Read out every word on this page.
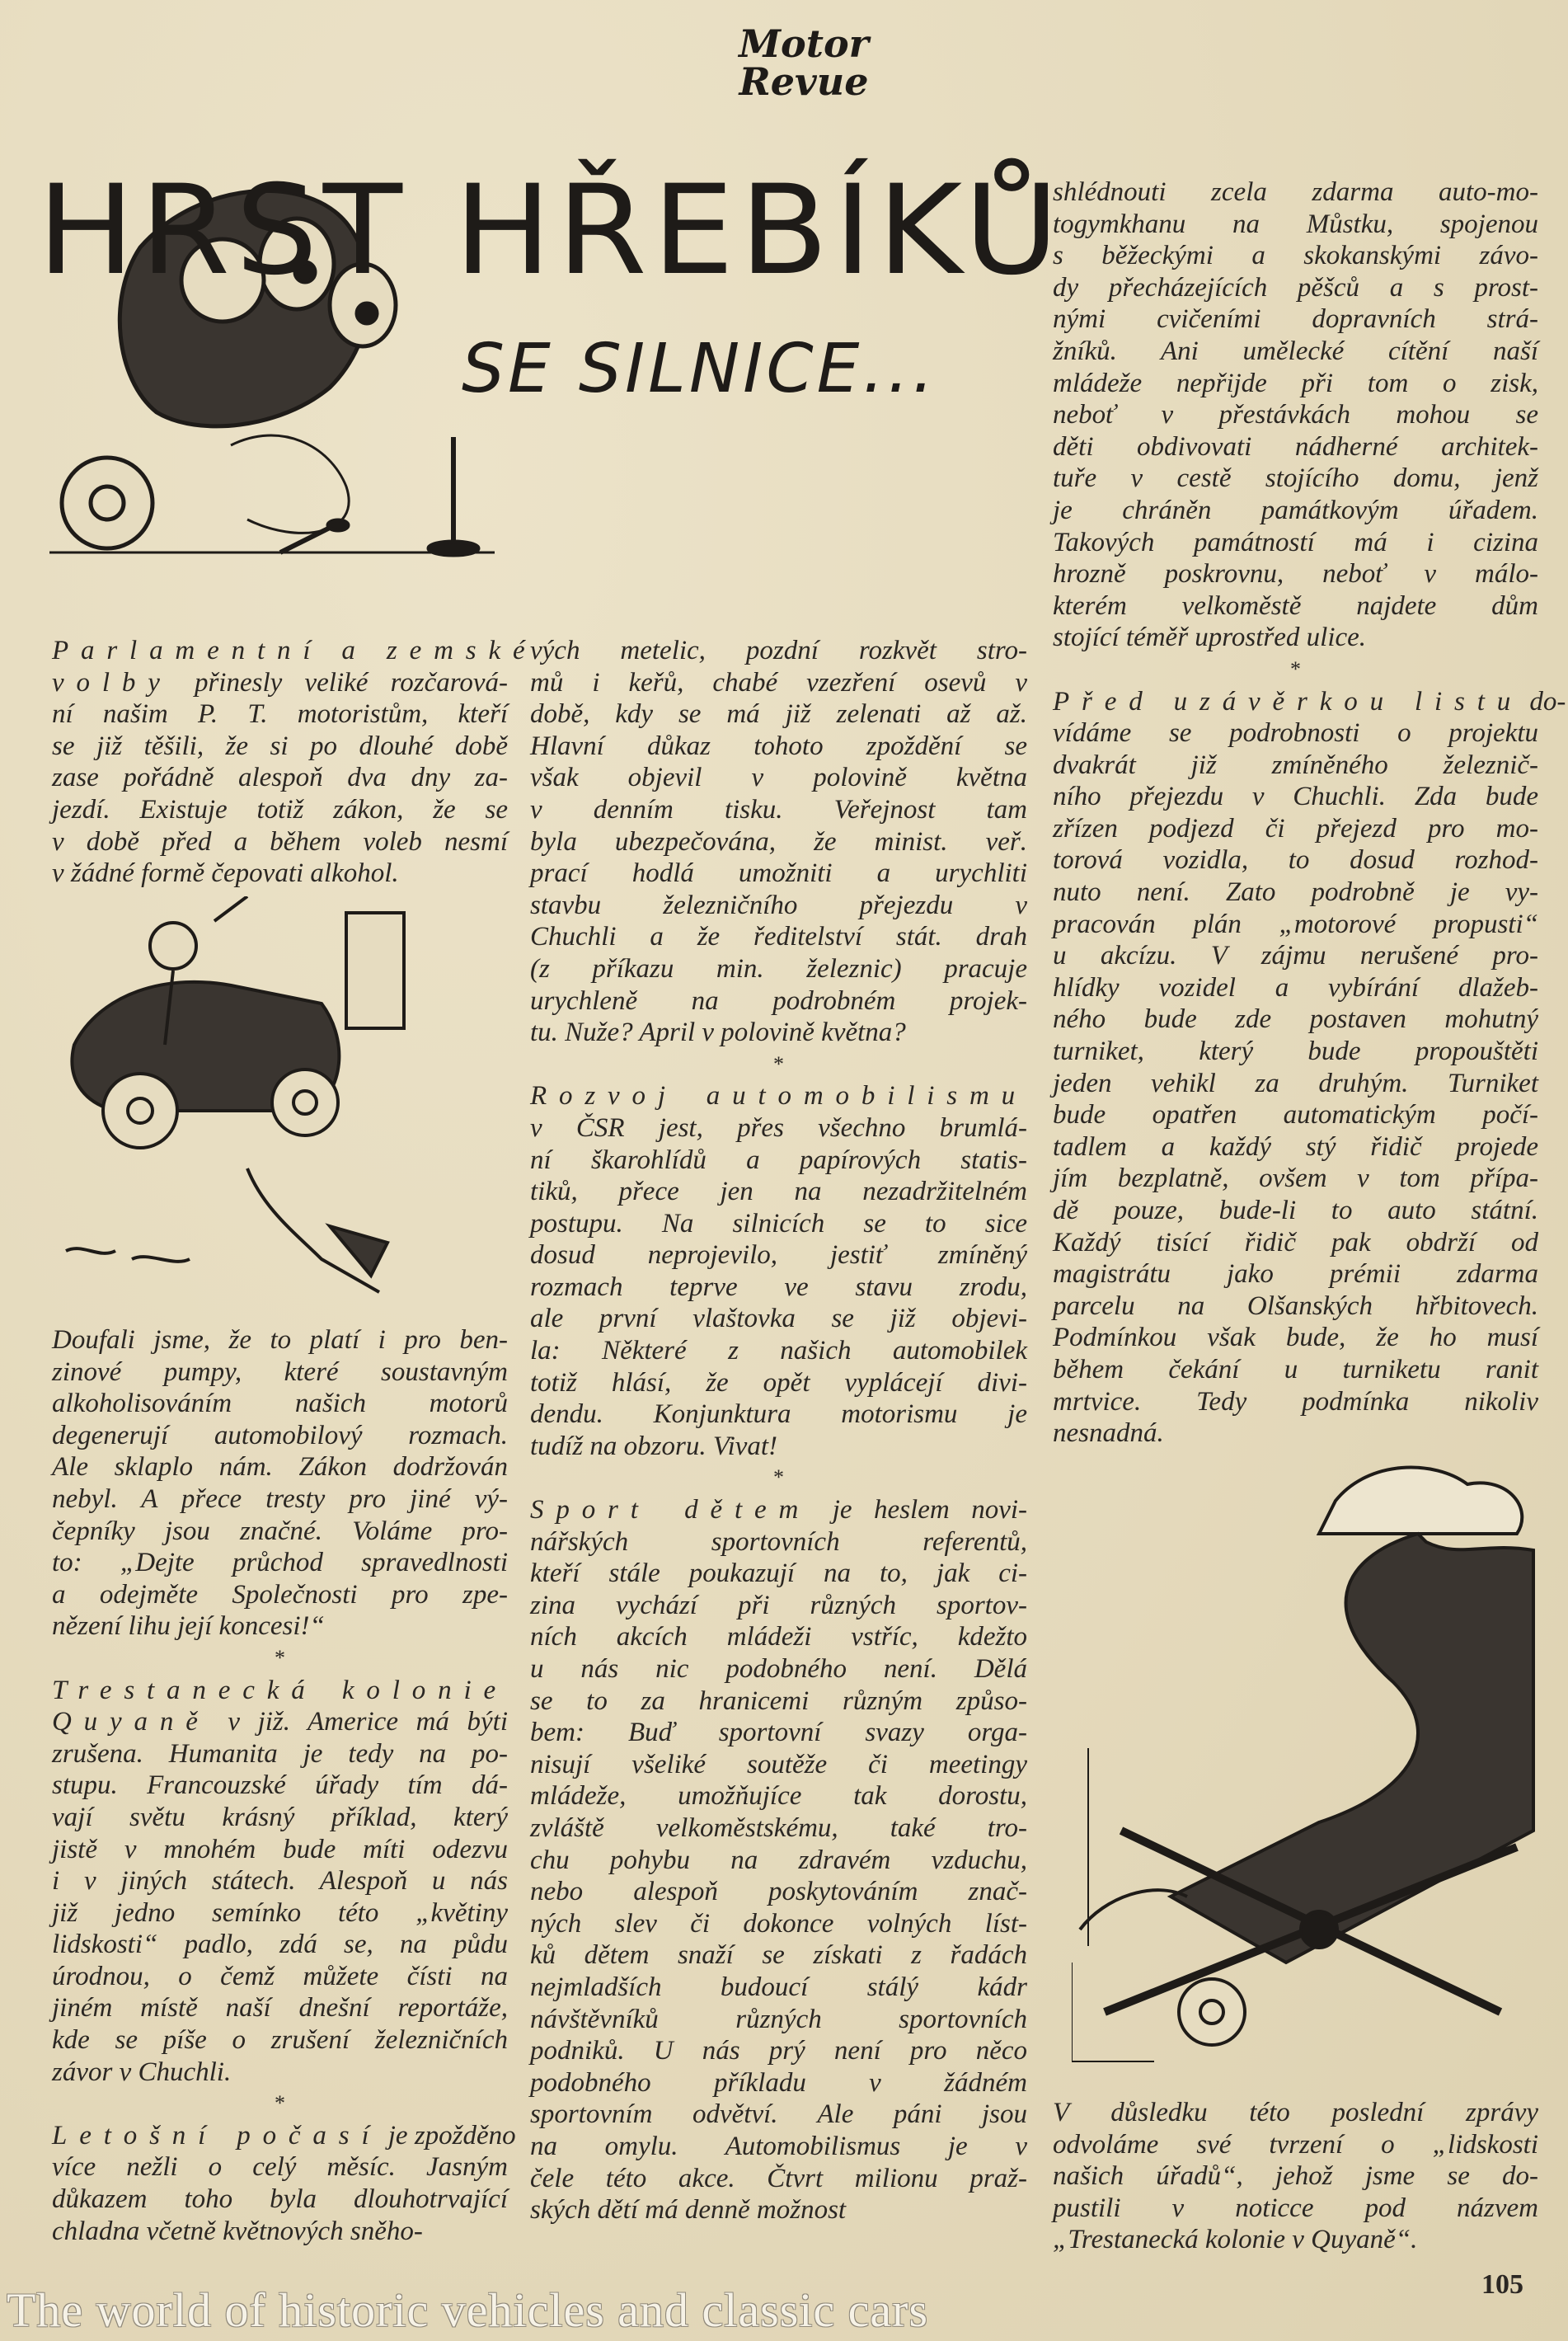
Motor
Revue
HRST HŘEBÍKŮ
SE SILNICE...
Parlamentní a zemské
volby přinesly veliké rozčarová-
ní našim P. T. motoristům, kteří
se již těšili, že si po dlouhé době
zase pořádně alespoň dva dny za-
jezdí. Existuje totiž zákon, že se
v době před a během voleb nesmí
v žádné formě čepovati alkohol.
Doufali jsme, že to platí i pro ben-
zinové pumpy, které soustavným
alkoholisováním našich motorů
degenerují automobilový rozmach.
Ale sklaplo nám. Zákon dodržován
nebyl. A přece tresty pro jiné vý-
čepníky jsou značné. Voláme pro-
to: „Dejte průchod spravedlnosti
a odejměte Společnosti pro zpe-
nězení lihu její koncesi!“
*
Trestanecká kolonie
Quyaně v již. Americe má býti
zrušena. Humanita je tedy na po-
stupu. Francouzské úřady tím dá-
vají světu krásný příklad, který
jistě v mnohém bude míti odezvu
i v jiných státech. Alespoň u nás
již jedno semínko této „květiny
lidskosti“ padlo, zdá se, na půdu
úrodnou, o čemž můžete čísti na
jiném místě naší dnešní reportáže,
kde se píše o zrušení železničních
závor v Chuchli.
*
Letošní počasí je zpožděno
více nežli o celý měsíc. Jasným
důkazem toho byla dlouhotrvající
chladna včetně květnových sněho-
vých metelic, pozdní rozkvět stro-
mů i keřů, chabé vzezření osevů v
době, kdy se má již zelenati až až.
Hlavní důkaz tohoto zpoždění se
však objevil v polovině května
v denním tisku. Veřejnost tam
byla ubezpečována, že minist. veř.
prací hodlá umožniti a urychliti
stavbu železničního přejezdu v
Chuchli a že ředitelství stát. drah
(z příkazu min. železnic) pracuje
urychleně na podrobném projek-
tu. Nuže? April v polovině května?
*
Rozvoj automobilismu
v ČSR jest, přes všechno brumlá-
ní škarohlídů a papírových statis-
tiků, přece jen na nezadržitelném
postupu. Na silnicích se to sice
dosud neprojevilo, jestiť zmíněný
rozmach teprve ve stavu zrodu,
ale první vlaštovka se již objevi-
la: Některé z našich automobilek
totiž hlásí, že opět vyplácejí divi-
dendu. Konjunktura motorismu je
tudíž na obzoru. Vivat!
*
Sport dětem je heslem novi-
nářských sportovních referentů,
kteří stále poukazují na to, jak ci-
zina vychází při různých sportov-
ních akcích mládeži vstříc, kdežto
u nás nic podobného není. Dělá
se to za hranicemi různým způso-
bem: Buď sportovní svazy orga-
nisují všeliké soutěže či meetingy
mládeže, umožňujíce tak dorostu,
zvláště velkoměstskému, také tro-
chu pohybu na zdravém vzduchu,
nebo alespoň poskytováním znač-
ných slev či dokonce volných líst-
ků dětem snaží se získati z řadách
nejmladších budoucí stálý kádr
návštěvníků různých sportovních
podniků. U nás prý není pro něco
podobného příkladu v žádném
sportovním odvětví. Ale páni jsou
na omylu. Automobilismus je v
čele této akce. Čtvrt milionu praž-
ských dětí má denně možnost
shlédnouti zcela zdarma auto-mo-
togymkhanu na Můstku, spojenou
s běžeckými a skokanskými závo-
dy přecházejících pěšců a s prost-
nými cvičeními dopravních strá-
žníků. Ani umělecké cítění naší
mládeže nepřijde při tom o zisk,
neboť v přestávkách mohou se
děti obdivovati nádherné architek-
tuře v cestě stojícího domu, jenž
je chráněn památkovým úřadem.
Takových památností má i cizina
hrozně poskrovnu, neboť v málo-
kterém velkoměstě najdete dům
stojící téměř uprostřed ulice.
*
Před uzávěrkou listu do-
vídáme se podrobnosti o projektu
dvakrát již zmíněného železnič-
ního přejezdu v Chuchli. Zda bude
zřízen podjezd či přejezd pro mo-
torová vozidla, to dosud rozhod-
nuto není. Zato podrobně je vy-
pracován plán „motorové propusti“
u akcízu. V zájmu nerušené pro-
hlídky vozidel a vybírání dlažeb-
ného bude zde postaven mohutný
turniket, který bude propouštěti
jeden vehikl za druhým. Turniket
bude opatřen automatickým počí-
tadlem a každý stý řidič projede
jím bezplatně, ovšem v tom přípa-
dě pouze, bude-li to auto státní.
Každý tisící řidič pak obdrží od
magistrátu jako prémii zdarma
parcelu na Olšanských hřbitovech.
Podmínkou však bude, že ho musí
během čekání u turniketu ranit
mrtvice. Tedy podmínka nikoliv
nesnadná.
V důsledku této poslední zprávy
odvoláme své tvrzení o „lidskosti
našich úřadů“, jehož jsme se do-
pustili v noticce pod názvem
„Trestanecká kolonie v Quyaně“.
105
The world of historic vehicles and classic cars
